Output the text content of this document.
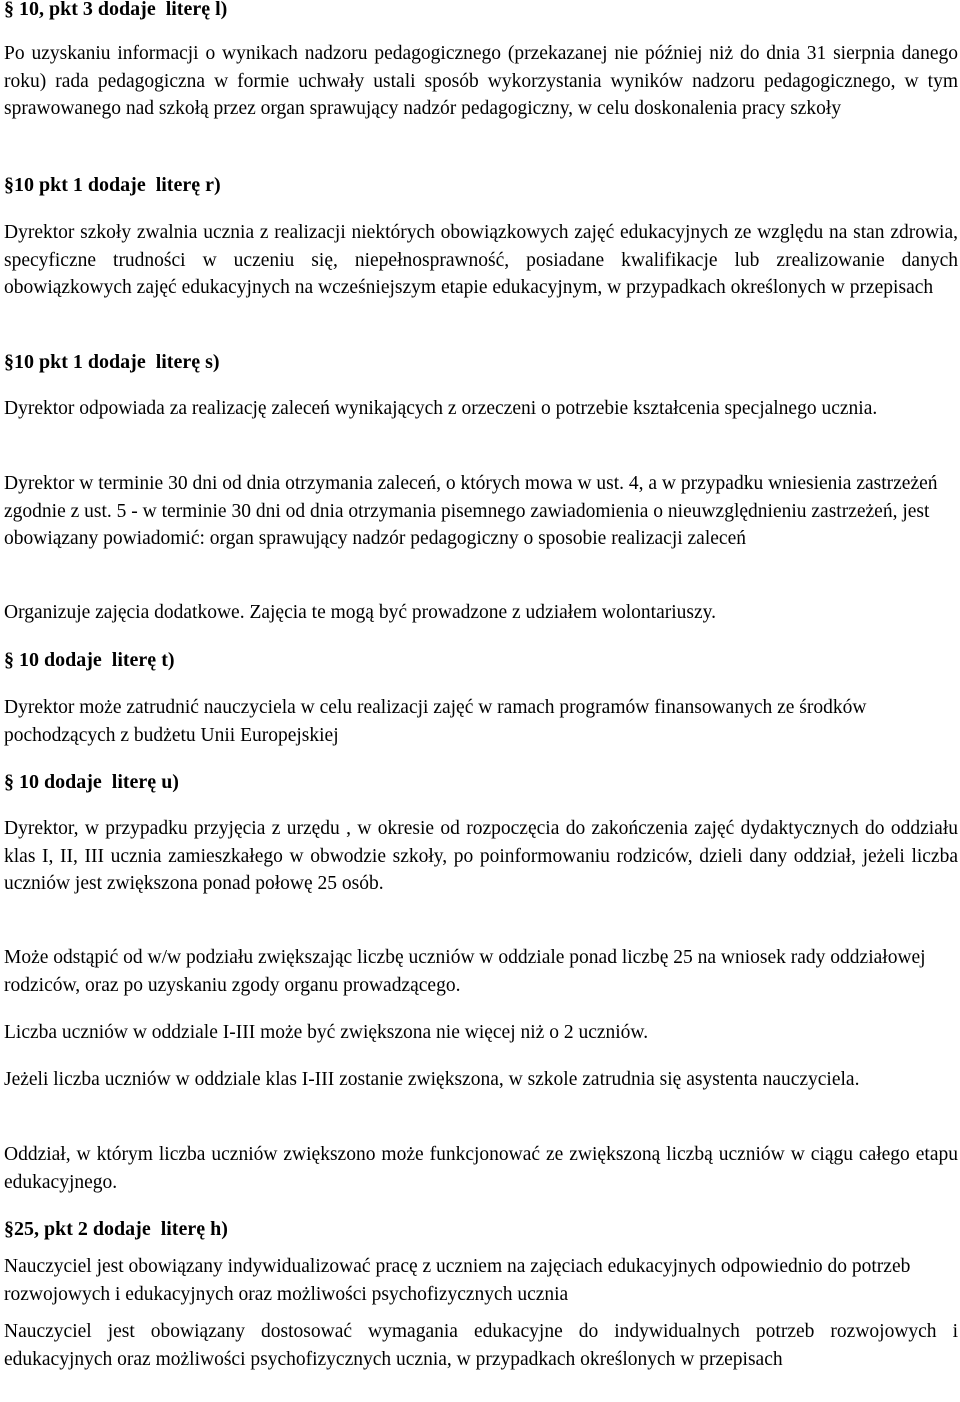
§ 10, pkt 3 dodaje  literę l)

Po uzyskaniu informacji o wynikach nadzoru pedagogicznego (przekazanej nie później niż do dnia 31 sierpnia danego roku) rada pedagogiczna w formie uchwały ustali sposób wykorzystania wyników nadzoru pedagogicznego, w tym sprawowanego nad szkołą przez organ sprawujący nadzór pedagogiczny, w celu doskonalenia pracy szkoły

§10 pkt 1 dodaje  literę r)

Dyrektor szkoły zwalnia ucznia z realizacji niektórych obowiązkowych zajęć edukacyjnych ze względu na stan zdrowia, specyficzne trudności w uczeniu się, niepełnosprawność, posiadane kwalifikacje lub zrealizowanie danych obowiązkowych zajęć edukacyjnych na wcześniejszym etapie edukacyjnym, w przypadkach określonych w przepisach

§10 pkt 1 dodaje  literę s)

Dyrektor odpowiada za realizację zaleceń wynikających z orzeczeni o potrzebie kształcenia specjalnego ucznia.

Dyrektor w terminie 30 dni od dnia otrzymania zaleceń, o których mowa w ust. 4, a w przypadku wniesienia zastrzeżeń zgodnie z ust. 5 - w terminie 30 dni od dnia otrzymania pisemnego zawiadomienia o nieuwzględnieniu zastrzeżeń, jest obowiązany powiadomić: organ sprawujący nadzór pedagogiczny o sposobie realizacji zaleceń

Organizuje zajęcia dodatkowe. Zajęcia te mogą być prowadzone z udziałem wolontariuszy.

§ 10 dodaje  literę t)

Dyrektor może zatrudnić nauczyciela w celu realizacji zajęć w ramach programów finansowanych ze środków pochodzących z budżetu Unii Europejskiej

§ 10 dodaje  literę u)

Dyrektor, w przypadku przyjęcia z urzędu , w okresie od rozpoczęcia do zakończenia zajęć dydaktycznych do oddziału klas I, II, III ucznia zamieszkałego w obwodzie szkoły, po poinformowaniu rodziców, dzieli dany oddział, jeżeli liczba uczniów jest zwiększona ponad połowę 25 osób.

Może odstąpić od w/w podziału zwiększając liczbę uczniów w oddziale ponad liczbę 25 na wniosek rady oddziałowej rodziców, oraz po uzyskaniu zgody organu prowadzącego.

Liczba uczniów w oddziale I-III może być zwiększona nie więcej niż o 2 uczniów.

Jeżeli liczba uczniów w oddziale klas I-III zostanie zwiększona, w szkole zatrudnia się asystenta nauczyciela.

Oddział, w którym liczba uczniów zwiększono może funkcjonować ze zwiększoną liczbą uczniów w ciągu całego etapu edukacyjnego.

§25, pkt 2 dodaje  literę h)

Nauczyciel jest obowiązany indywidualizować pracę z uczniem na zajęciach edukacyjnych odpowiednio do potrzeb rozwojowych i edukacyjnych oraz możliwości psychofizycznych ucznia

Nauczyciel jest obowiązany dostosować wymagania edukacyjne do indywidualnych potrzeb rozwojowych i edukacyjnych oraz możliwości psychofizycznych ucznia, w przypadkach określonych w przepisach
